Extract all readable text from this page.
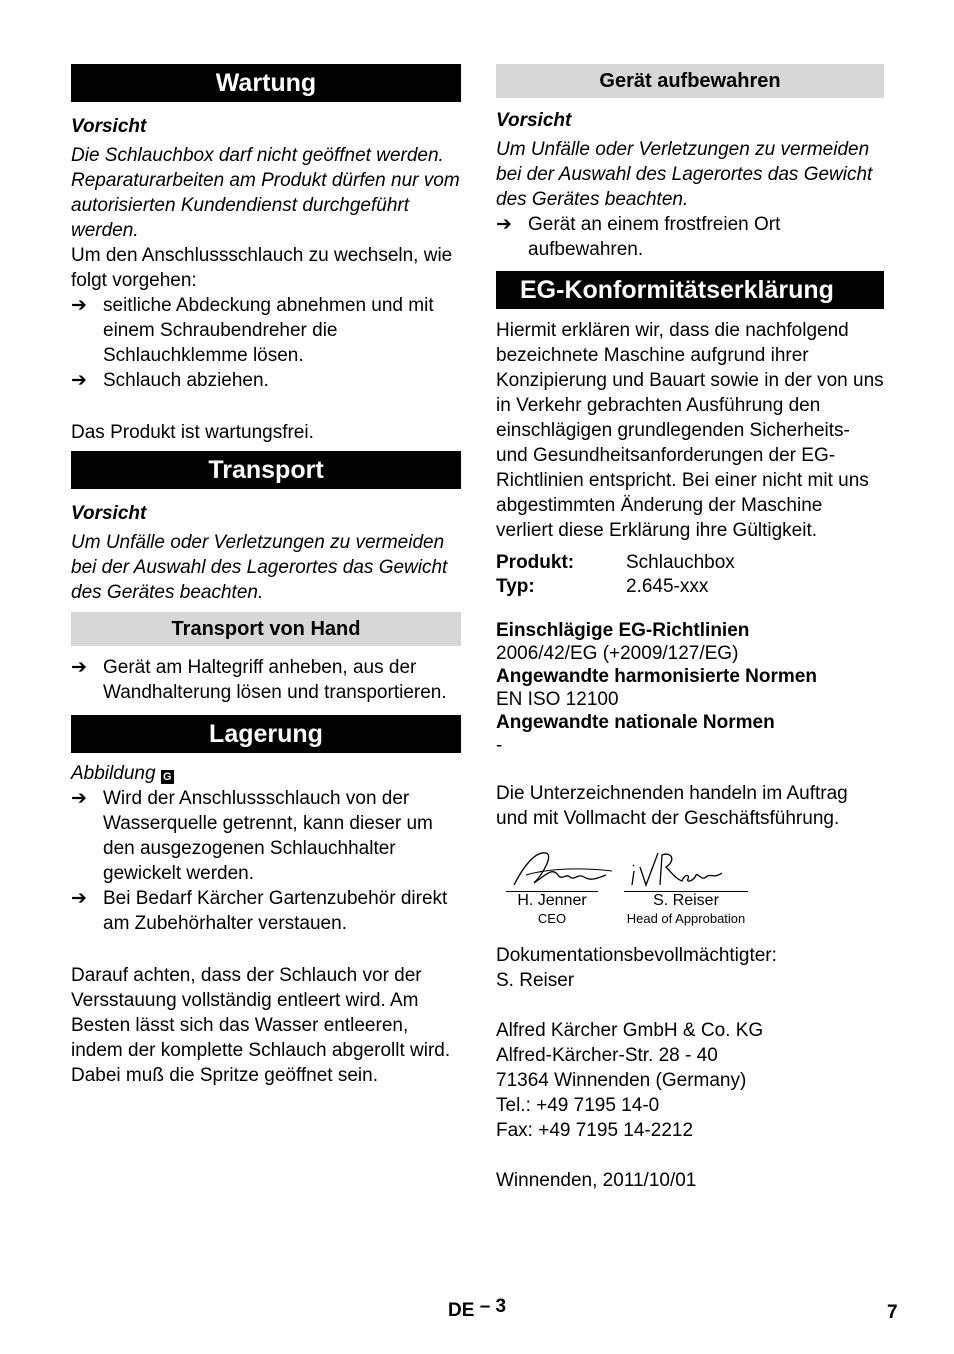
Wartung

Vorsicht

Die Schlauchbox darf nicht geöffnet werden.

Reparaturarbeiten am Produkt dürfen nur vom autorisierten Kundendienst durchgeführt werden.

Um den Anschlussschlauch zu wechseln, wie folgt vorgehen:

➔ seitliche Abdeckung abnehmen und mit einem Schraubendreher die Schlauchklemme lösen.
➔ Schlauch abziehen.

Das Produkt ist wartungsfrei.

Transport

Vorsicht

Um Unfälle oder Verletzungen zu vermeiden bei der Auswahl des Lagerortes das Gewicht des Gerätes beachten.

Transport von Hand
➔ Gerät am Haltegriff anheben, aus der Wandhalterung lösen und transportieren.
Lagerung

Abbildung G

➔ Wird der Anschlussschlauch von der Wasserquelle getrennt, kann dieser um den ausgezogenen Schlauchhalter gewickelt werden.
➔ Bei Bedarf Kärcher Gartenzubehör direkt am Zubehörhalter verstauen.

Darauf achten, dass der Schlauch vor der Versstauung vollständig entleert wird. Am Besten lässt sich das Wasser entleeren, indem der komplette Schlauch abgerollt wird. Dabei muß die Spritze geöffnet sein.

Gerät aufbewahren

Vorsicht

Um Unfälle oder Verletzungen zu vermeiden bei der Auswahl des Lagerortes das Gewicht des Gerätes beachten.

➔ Gerät an einem frostfreien Ort aufbewahren.
EG-Konformitätserklärung

Hiermit erklären wir, dass die nachfolgend bezeichnete Maschine aufgrund ihrer Konzipierung und Bauart sowie in der von uns in Verkehr gebrachten Ausführung den einschlägigen grundlegenden Sicherheits- und Gesundheitsanforderungen der EG-Richtlinien entspricht. Bei einer nicht mit uns abgestimmten Änderung der Maschine verliert diese Erklärung ihre Gültigkeit.

Produkt:	Schlauchbox
Typ:	2.645-xxx

Einschlägige EG-Richtlinien

2006/42/EG (+2009/127/EG)

Angewandte harmonisierte Normen

EN ISO 12100

Angewandte nationale Normen

-

Die Unterzeichnenden handeln im Auftrag und mit Vollmacht der Geschäftsführung.

H. Jenner
CEO
S. Reiser
Head of Approbation

Dokumentationsbevollmächtigter:

S. Reiser

Alfred Kärcher GmbH & Co. KG

Alfred-Kärcher-Str. 28 - 40

71364 Winnenden (Germany)

Tel.: +49 7195 14-0

Fax: +49 7195 14-2212

Winnenden, 2011/10/01

DE – 3	7
